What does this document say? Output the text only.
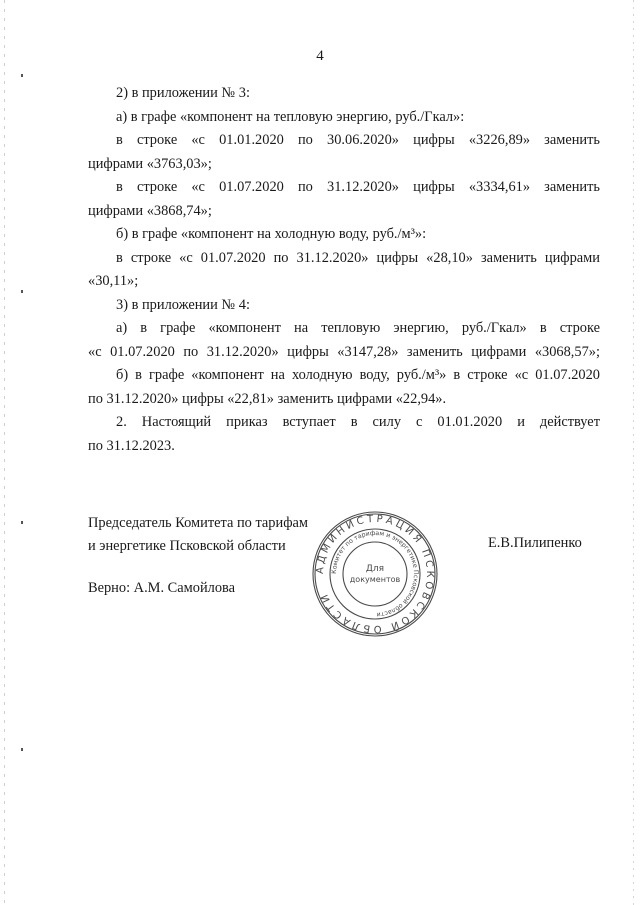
4
2) в приложении № 3:
а) в графе «компонент на тепловую энергию, руб./Гкал»:
в строке «с 01.01.2020 по 30.06.2020» цифры «3226,89» заменить
цифрами «3763,03»;
в строке «с 01.07.2020 по 31.12.2020» цифры «3334,61» заменить
цифрами «3868,74»;
б) в графе «компонент на холодную воду, руб./м³»:
в строке «с 01.07.2020 по 31.12.2020» цифры «28,10» заменить цифрами
«30,11»;
3) в приложении № 4:
а) в графе «компонент на тепловую энергию, руб./Гкал» в строке
«с 01.07.2020 по 31.12.2020» цифры «3147,28» заменить цифрами «3068,57»;
б) в графе «компонент на холодную воду, руб./м³» в строке «с 01.07.2020
по 31.12.2020» цифры «22,81» заменить цифрами «22,94».
2. Настоящий приказ вступает в силу с 01.01.2020 и действует
по 31.12.2023.
Председатель Комитета по тарифам
и энергетике Псковской области	Е.В.Пилипенко
Верно: А.М. Самойлова
АДМИНИСТРАЦИЯ ПСКОВСКОЙ ОБЛАСТИ
Комитет по тарифам и энергетике Псковской области
Для
документов
